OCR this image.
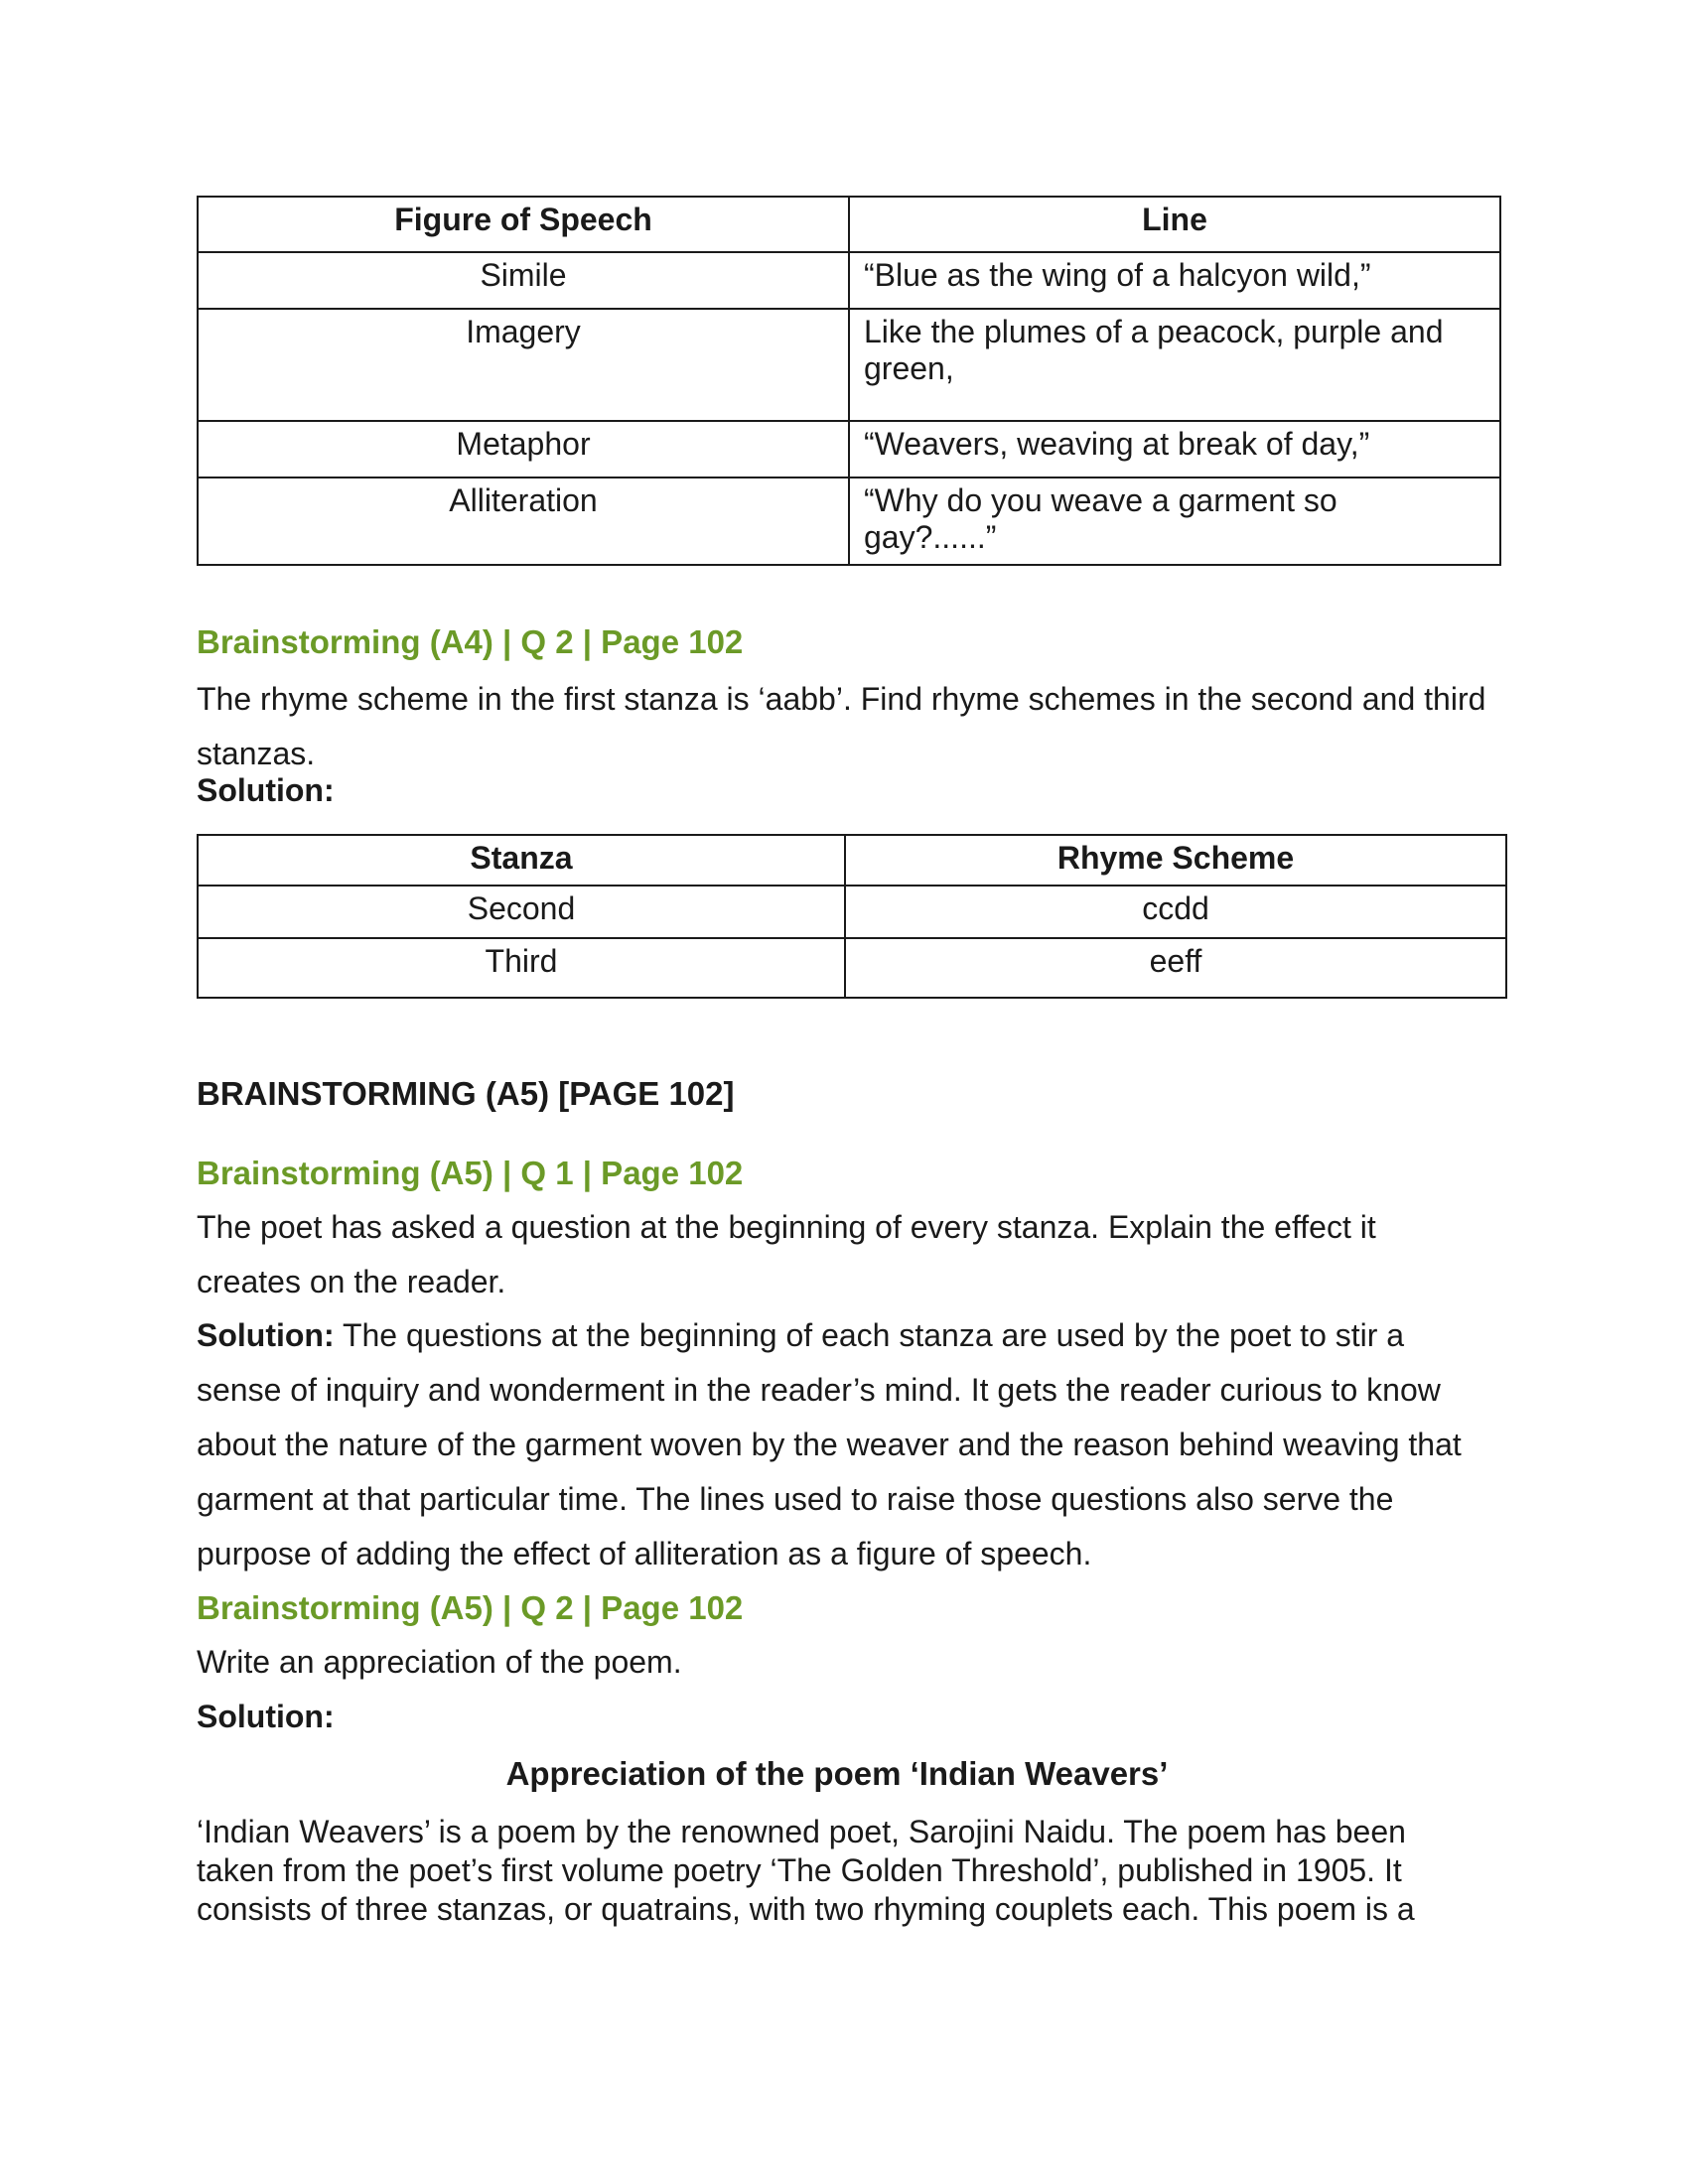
Figure of Speech	Line
Simile	“Blue as the wing of a halcyon wild,”
Imagery	Like the plumes of a peacock, purple and green,
Metaphor	“Weavers, weaving at break of day,”
Alliteration	“Why do you weave a garment so gay?......”
Brainstorming (A4) | Q 2 | Page 102

The rhyme scheme in the first stanza is ‘aabb’. Find rhyme schemes in the second and third stanzas.

Solution:

Stanza	Rhyme Scheme
Second	ccdd
Third	eeff
BRAINSTORMING (A5) [PAGE 102]
Brainstorming (A5) | Q 1 | Page 102

The poet has asked a question at the beginning of every stanza. Explain the effect it creates on the reader.

Solution: The questions at the beginning of each stanza are used by the poet to stir a sense of inquiry and wonderment in the reader’s mind. It gets the reader curious to know about the nature of the garment woven by the weaver and the reason behind weaving that garment at that particular time. The lines used to raise those questions also serve the purpose of adding the effect of alliteration as a figure of speech.

Brainstorming (A5) | Q 2 | Page 102

Write an appreciation of the poem.

Solution:

Appreciation of the poem ‘Indian Weavers’

‘Indian Weavers’ is a poem by the renowned poet, Sarojini Naidu. The poem has been taken from the poet’s first volume poetry ‘The Golden Threshold’, published in 1905. It consists of three stanzas, or quatrains, with two rhyming couplets each. This poem is a
